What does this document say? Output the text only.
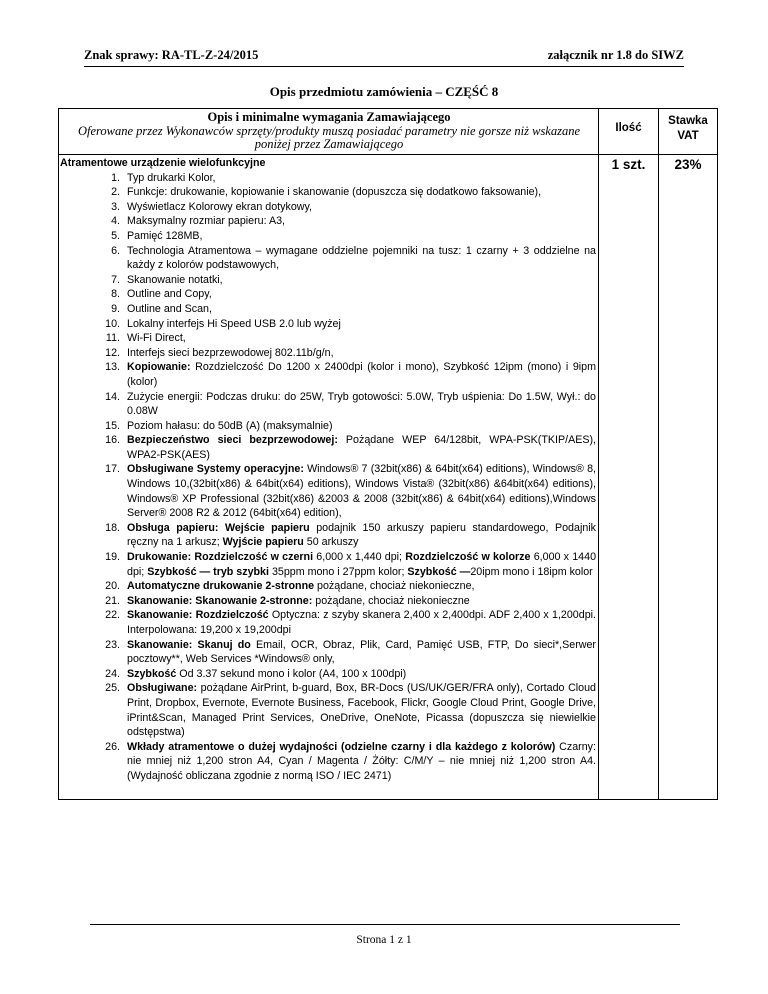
Znak sprawy: RA-TL-Z-24/2015	załącznik nr 1.8 do SIWZ
Opis przedmiotu zamówienia – CZĘŚĆ 8
Opis i minimalne wymagania Zamawiającego
Oferowane przez Wykonawców sprzęty/produkty muszą posiadać parametry nie gorsze niż wskazane poniżej przez Zamawiającego
Ilość
Stawka VAT
1 szt.	23%
Atramentowe urządzenie wielofunkcyjne
1. Typ drukarki Kolor,
2. Funkcje: drukowanie, kopiowanie i skanowanie (dopuszcza się dodatkowo faksowanie),
3. Wyświetlacz Kolorowy ekran dotykowy,
4. Maksymalny rozmiar papieru: A3,
5. Pamięć 128MB,
6. Technologia Atramentowa – wymagane oddzielne pojemniki na tusz: 1 czarny + 3 oddzielne na każdy z kolorów podstawowych,
7. Skanowanie notatki,
8. Outline and Copy,
9. Outline and Scan,
10. Lokalny interfejs Hi Speed USB 2.0 lub wyżej
11. Wi-Fi Direct,
12. Interfejs sieci bezprzewodowej 802.11b/g/n,
13. Kopiowanie: Rozdzielczość Do 1200 x 2400dpi (kolor i mono), Szybkość 12ipm (mono) i 9ipm (kolor)
14. Zużycie energii: Podczas druku: do 25W, Tryb gotowości: 5.0W, Tryb uśpienia: Do 1.5W, Wył.: do 0.08W
15. Poziom hałasu: do 50dB (A) (maksymalnie)
16. Bezpieczeństwo sieci bezprzewodowej: Pożądane WEP 64/128bit, WPA-PSK(TKIP/AES), WPA2-PSK(AES)
17. Obsługiwane Systemy operacyjne: Windows® 7 (32bit(x86) & 64bit(x64) editions), Windows® 8, Windows 10,(32bit(x86) & 64bit(x64) editions), Windows Vista® (32bit(x86) &64bit(x64) editions), Windows® XP Professional (32bit(x86) &2003 & 2008 (32bit(x86) & 64bit(x64) editions),Windows Server® 2008 R2 & 2012 (64bit(x64) edition),
18. Obsługa papieru: Wejście papieru podajnik 150 arkuszy papieru standardowego, Podajnik ręczny na 1 arkusz; Wyjście papieru 50 arkuszy
19. Drukowanie: Rozdzielczość w czerni 6,000 x 1,440 dpi; Rozdzielczość w kolorze 6,000 x 1440 dpi; Szybkość — tryb szybki 35ppm mono i 27ppm kolor; Szybkość —20ipm mono i 18ipm kolor
20. Automatyczne drukowanie 2-stronne pożądane, chociaż niekonieczne,
21. Skanowanie: Skanowanie 2-stronne: pożądane, chociaż niekonieczne
22. Skanowanie: Rozdzielczość Optyczna: z szyby skanera 2,400 x 2,400dpi. ADF 2,400 x 1,200dpi. Interpolowana: 19,200 x 19,200dpi
23. Skanowanie: Skanuj do Email, OCR, Obraz, Plik, Card, Pamięć USB, FTP, Do sieci*,Serwer pocztowy**, Web Services *Windows® only,
24. Szybkość Od 3.37 sekund mono i kolor (A4, 100 x 100dpi)
25. Obsługiwane: pożądane AirPrint, b-guard, Box, BR-Docs (US/UK/GER/FRA only), Cortado Cloud Print, Dropbox, Evernote, Evernote Business, Facebook, Flickr, Google Cloud Print, Google Drive, iPrint&Scan, Managed Print Services, OneDrive, OneNote, Picassa (dopuszcza się niewielkie odstępstwa)
26. Wkłady atramentowe o dużej wydajności (odzielne czarny i dla każdego z kolorów) Czarny: nie mniej niż 1,200 stron A4, Cyan / Magenta / Żółty: C/M/Y – nie mniej niż 1,200 stron A4. (Wydajność obliczana zgodnie z normą ISO / IEC 2471)
Strona 1 z 1
